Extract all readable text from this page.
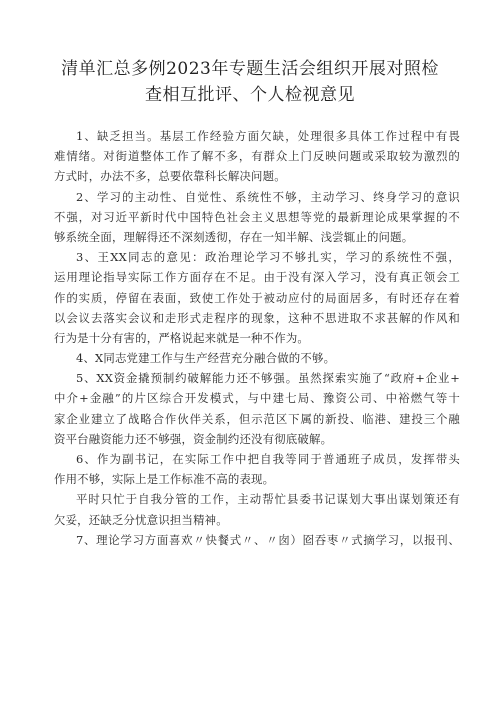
清单汇总多例2023年专题生活会组织开展对照检
查相互批评、个人检视意见
1、缺乏担当。基层工作经验方面欠缺，处理很多具体工作过程中有畏
难情绪。对街道整体工作了解不多，有群众上门反映问题或采取较为激烈的
方式时，办法不多，总要依靠科长解决问题。
2、学习的主动性、自觉性、系统性不够，主动学习、终身学习的意识
不强，对习近平新时代中国特色社会主义思想等党的最新理论成果掌握的不
够系统全面，理解得还不深刻透彻，存在一知半解、浅尝辄止的问题。
3、王XX同志的意见：政治理论学习不够扎实，学习的系统性不强，
运用理论指导实际工作方面存在不足。由于没有深入学习，没有真正领会工
作的实质，停留在表面，致使工作处于被动应付的局面居多，有时还存在着
以会议去落实会议和走形式走程序的现象，这种不思进取不求甚解的作风和
行为是十分有害的，严格说起来就是一种不作为。
4、X同志党建工作与生产经营充分融合做的不够。
5、XX资金撬预制约破解能力还不够强。虽然探索实施了“政府+企业+
中介+金融”的片区综合开发模式，与中建七局、豫资公司、中裕燃气等十
家企业建立了战略合作伙伴关系，但示范区下属的新投、临港、建投三个融
资平台融资能力还不够强，资金制约还没有彻底破解。
6、作为副书记，在实际工作中把自我等同于普通班子成员，发挥带头
作用不够，实际上是工作标准不高的表现。
平时只忙于自我分管的工作，主动帮忙县委书记谋划大事出谋划策还有
欠妥，还缺乏分忧意识担当精神。
7、理论学习方面喜欢〃快餐式〃、〃囱）囵吞枣〃式摘学习，以报刊、
